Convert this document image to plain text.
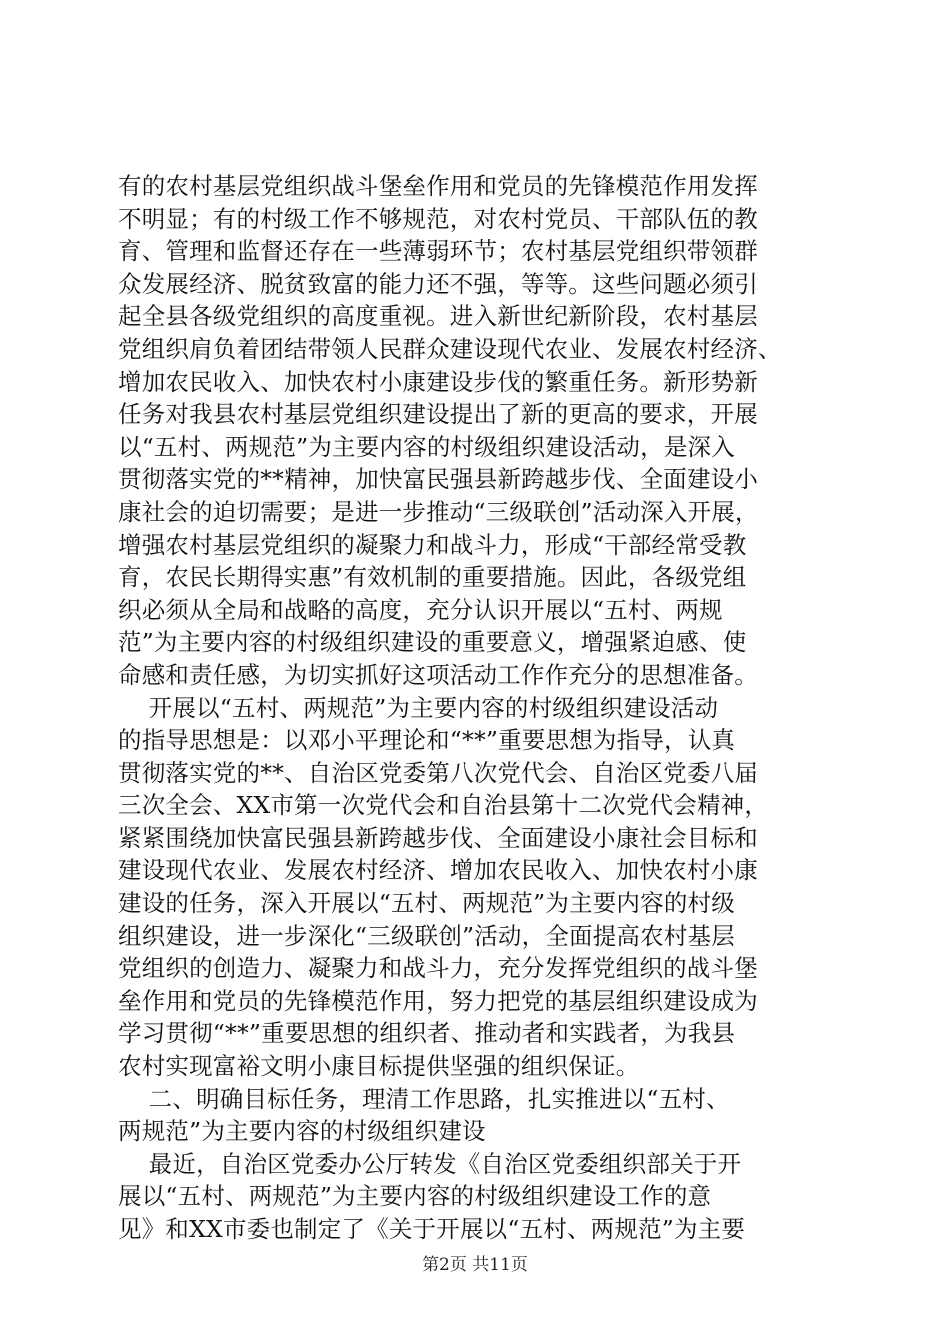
有的农村基层党组织战斗堡垒作用和党员的先锋模范作用发挥
不明显；有的村级工作不够规范，对农村党员、干部队伍的教
育、管理和监督还存在一些薄弱环节；农村基层党组织带领群
众发展经济、脱贫致富的能力还不强，等等。这些问题必须引
起全县各级党组织的高度重视。进入新世纪新阶段，农村基层
党组织肩负着团结带领人民群众建设现代农业、发展农村经济、
增加农民收入、加快农村小康建设步伐的繁重任务。新形势新
任务对我县农村基层党组织建设提出了新的更高的要求，开展
以“五村、两规范”为主要内容的村级组织建设活动，是深入
贯彻落实党的**精神，加快富民强县新跨越步伐、全面建设小
康社会的迫切需要；是进一步推动“三级联创”活动深入开展，
增强农村基层党组织的凝聚力和战斗力，形成“干部经常受教
育，农民长期得实惠”有效机制的重要措施。因此，各级党组
织必须从全局和战略的高度，充分认识开展以“五村、两规
范”为主要内容的村级组织建设的重要意义，增强紧迫感、使
命感和责任感，为切实抓好这项活动工作作充分的思想准备。
开展以“五村、两规范”为主要内容的村级组织建设活动
的指导思想是：以邓小平理论和“**”重要思想为指导，认真
贯彻落实党的**、自治区党委第八次党代会、自治区党委八届
三次全会、XX市第一次党代会和自治县第十二次党代会精神，
紧紧围绕加快富民强县新跨越步伐、全面建设小康社会目标和
建设现代农业、发展农村经济、增加农民收入、加快农村小康
建设的任务，深入开展以“五村、两规范”为主要内容的村级
组织建设，进一步深化“三级联创”活动，全面提高农村基层
党组织的创造力、凝聚力和战斗力，充分发挥党组织的战斗堡
垒作用和党员的先锋模范作用，努力把党的基层组织建设成为
学习贯彻“**”重要思想的组织者、推动者和实践者，为我县
农村实现富裕文明小康目标提供坚强的组织保证。
二、明确目标任务，理清工作思路，扎实推进以“五村、
两规范”为主要内容的村级组织建设
最近，自治区党委办公厅转发《自治区党委组织部关于开
展以“五村、两规范”为主要内容的村级组织建设工作的意
见》和XX市委也制定了《关于开展以“五村、两规范”为主要
第2页 共11页
